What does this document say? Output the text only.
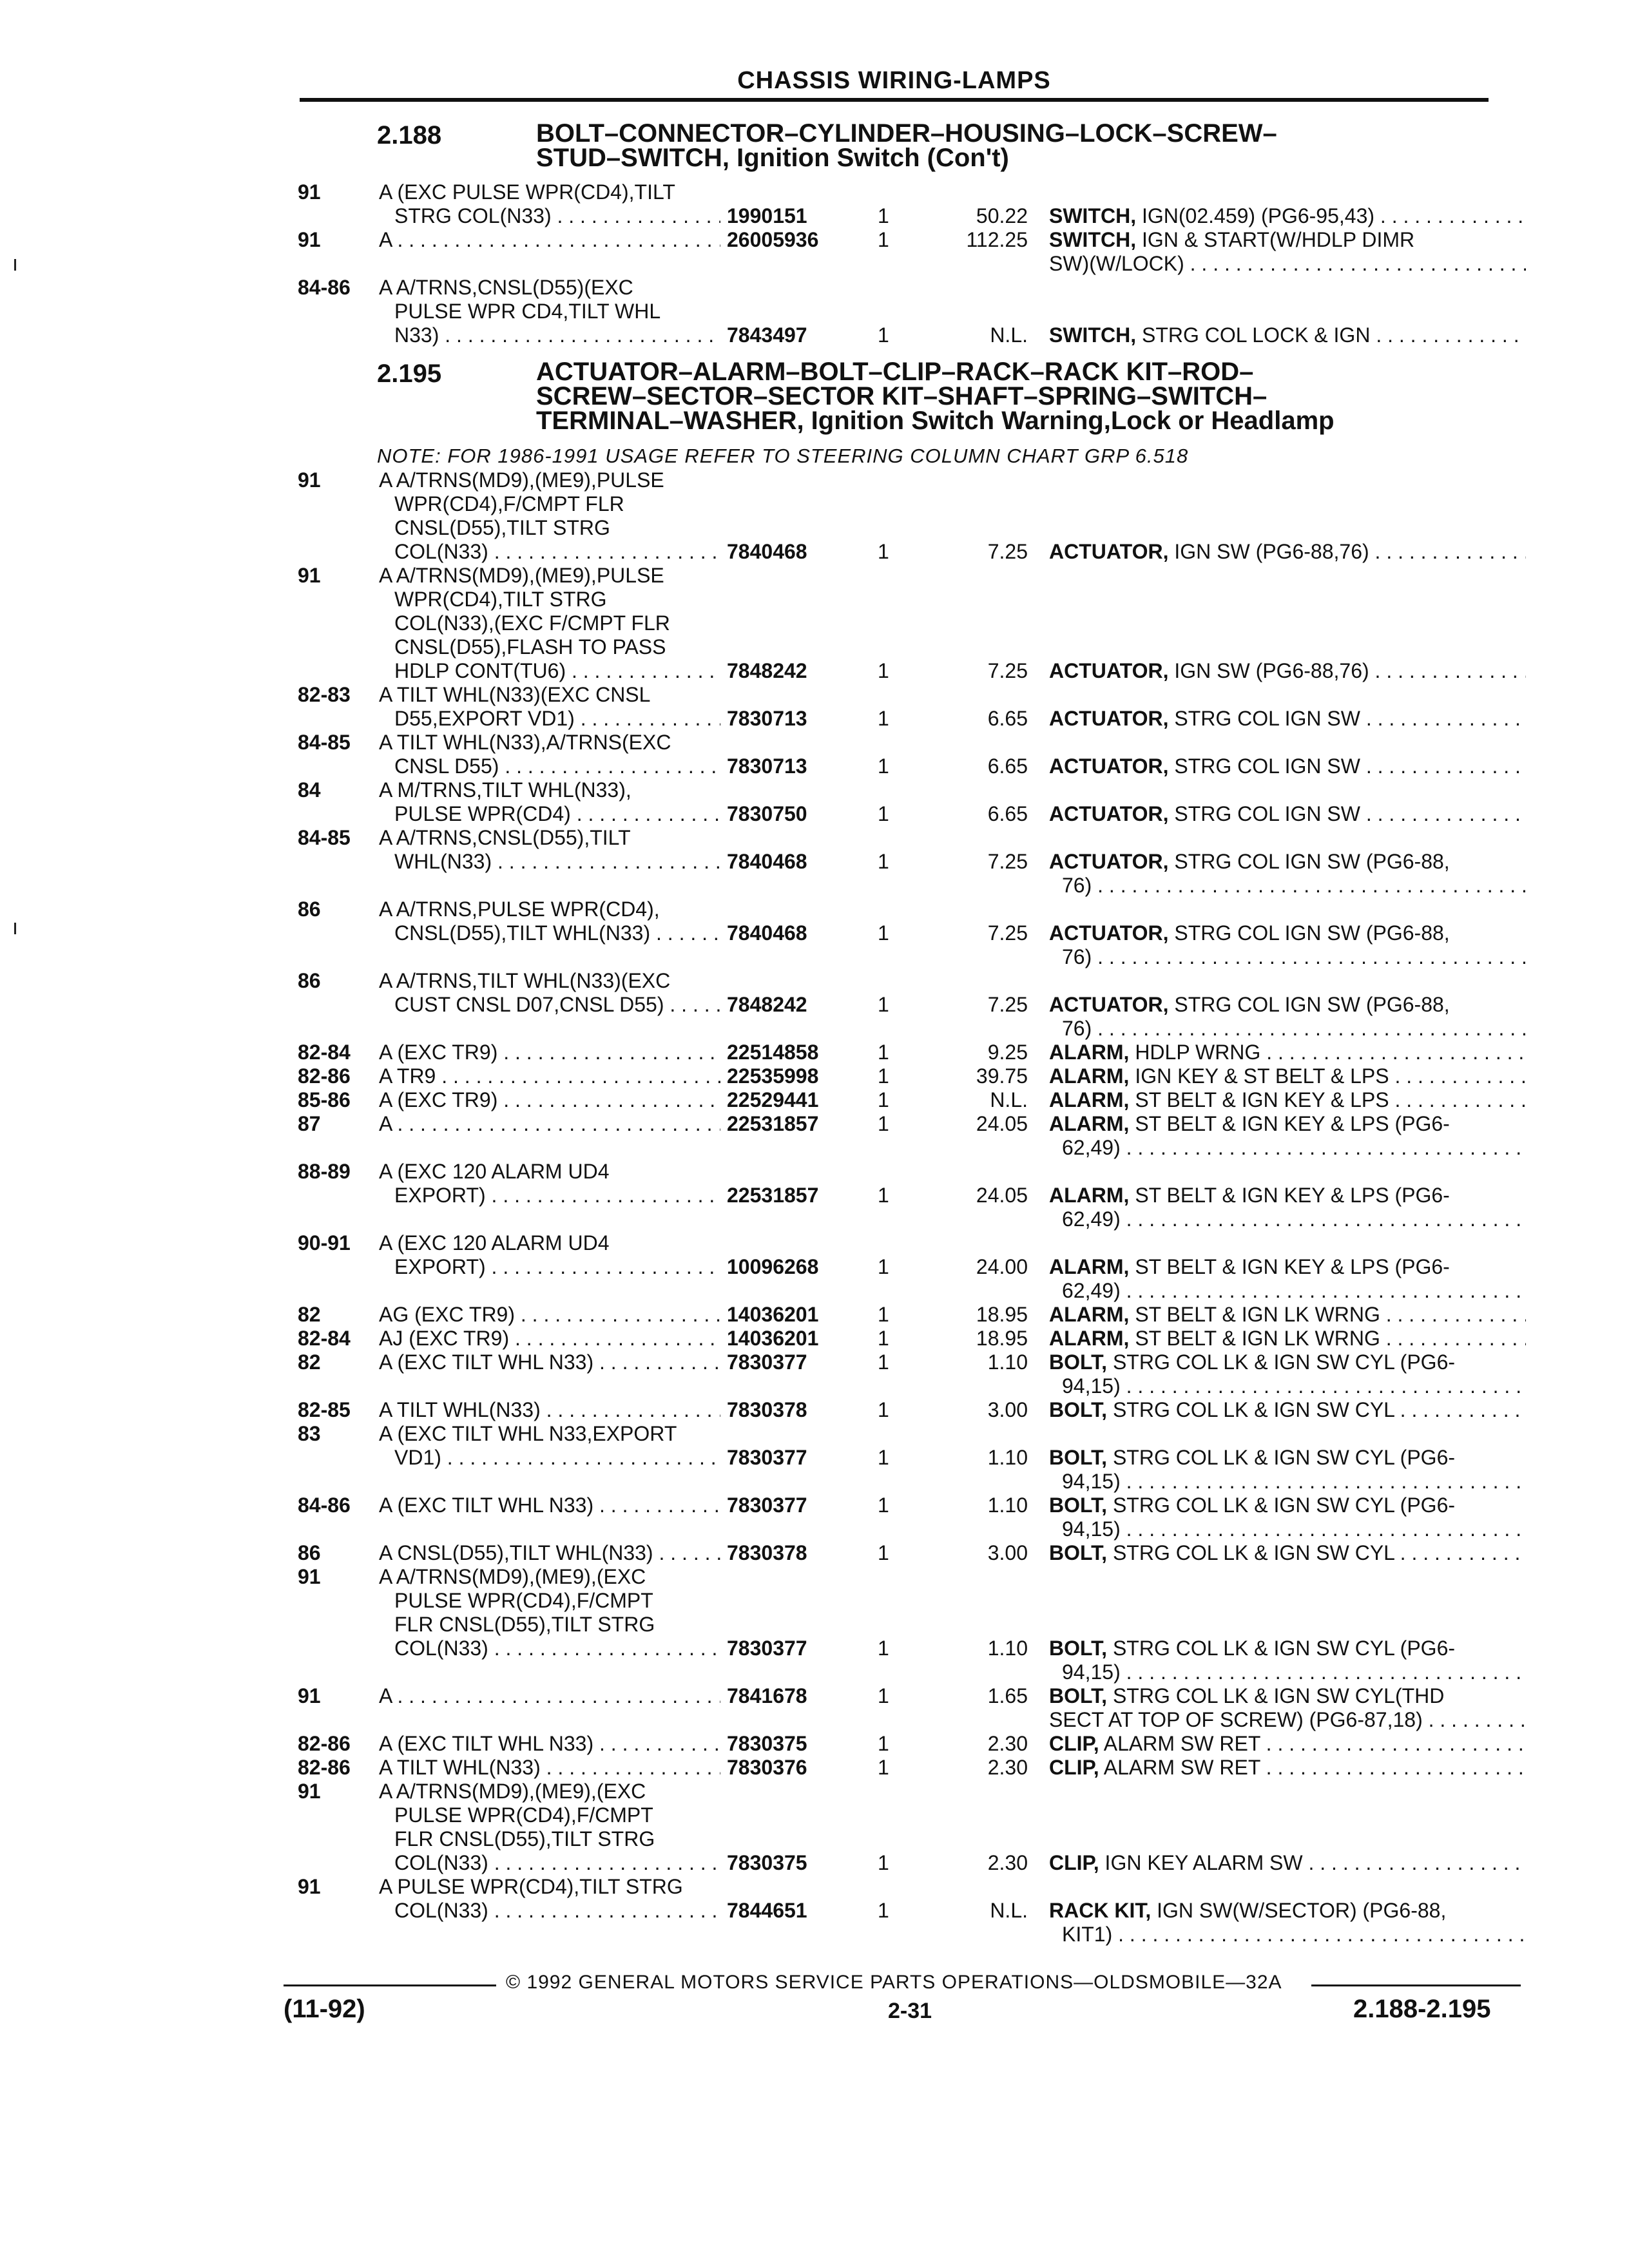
CHASSIS WIRING-LAMPS
2.188	BOLT–CONNECTOR–CYLINDER–HOUSING–LOCK–SCREW–
STUD–SWITCH, Ignition Switch (Con't)
91	A (EXC PULSE WPR(CD4),TILT
STRG COL(N33) . . .	1990151	1	50.22 SWITCH, IGN(02.459) (PG6-95,43) . . .
91	A . . .	26005936	1	112.25 SWITCH, IGN & START(W/HDLP DIMR
SW)(W/LOCK) . . .
84-86	A A/TRNS,CNSL(D55)(EXC
PULSE WPR CD4,TILT WHL
N33) . . .	7843497	1	N.L. SWITCH, STRG COL LOCK & IGN . . .
2.195	ACTUATOR–ALARM–BOLT–CLIP–RACK–RACK KIT–ROD–
SCREW–SECTOR–SECTOR KIT–SHAFT–SPRING–SWITCH–
TERMINAL–WASHER, Ignition Switch Warning,Lock or Headlamp
NOTE: FOR 1986-1991 USAGE REFER TO STEERING COLUMN CHART GRP 6.518
91	A A/TRNS(MD9),(ME9),PULSE
WPR(CD4),F/CMPT FLR
CNSL(D55),TILT STRG
COL(N33) . . .	7840468	1	7.25 ACTUATOR, IGN SW (PG6-88,76) . . .
91	A A/TRNS(MD9),(ME9),PULSE
WPR(CD4),TILT STRG
COL(N33),(EXC F/CMPT FLR
CNSL(D55),FLASH TO PASS
HDLP CONT(TU6) . . .	7848242	1	7.25 ACTUATOR, IGN SW (PG6-88,76) . . .
82-83	A TILT WHL(N33)(EXC CNSL
D55,EXPORT VD1) . . .	7830713	1	6.65 ACTUATOR, STRG COL IGN SW . . .
84-85	A TILT WHL(N33),A/TRNS(EXC
CNSL D55) . . .	7830713	1	6.65 ACTUATOR, STRG COL IGN SW . . .
84	A M/TRNS,TILT WHL(N33),
PULSE WPR(CD4) . . .	7830750	1	6.65 ACTUATOR, STRG COL IGN SW . . .
84-85	A A/TRNS,CNSL(D55),TILT
WHL(N33) . . .	7840468	1	7.25 ACTUATOR, STRG COL IGN SW (PG6-88,
76) . . .
86	A A/TRNS,PULSE WPR(CD4),
CNSL(D55),TILT WHL(N33) . . .	7840468	1	7.25 ACTUATOR, STRG COL IGN SW (PG6-88,
76) . . .
86	A A/TRNS,TILT WHL(N33)(EXC
CUST CNSL D07,CNSL D55) . . .	7848242	1	7.25 ACTUATOR, STRG COL IGN SW (PG6-88,
76) . . .
82-84	A (EXC TR9) . . .	22514858	1	9.25 ALARM, HDLP WRNG . . .
82-86	A TR9 . . .	22535998	1	39.75 ALARM, IGN KEY & ST BELT & LPS . . .
85-86	A (EXC TR9) . . .	22529441	1	N.L. ALARM, ST BELT & IGN KEY & LPS . . .
87	A . . .	22531857	1	24.05 ALARM, ST BELT & IGN KEY & LPS (PG6-
62,49) . . .
88-89	A (EXC 120 ALARM UD4
EXPORT) . . .	22531857	1	24.05 ALARM, ST BELT & IGN KEY & LPS (PG6-
62,49) . . .
90-91	A (EXC 120 ALARM UD4
EXPORT) . . .	10096268	1	24.00 ALARM, ST BELT & IGN KEY & LPS (PG6-
62,49) . . .
82	AG (EXC TR9) . . .	14036201	1	18.95 ALARM, ST BELT & IGN LK WRNG . . .
82-84	AJ (EXC TR9) . . .	14036201	1	18.95 ALARM, ST BELT & IGN LK WRNG . . .
82	A (EXC TILT WHL N33) . . .	7830377	1	1.10 BOLT, STRG COL LK & IGN SW CYL (PG6-
94,15) . . .
82-85	A TILT WHL(N33) . . .	7830378	1	3.00 BOLT, STRG COL LK & IGN SW CYL . . .
83	A (EXC TILT WHL N33,EXPORT
VD1) . . .	7830377	1	1.10 BOLT, STRG COL LK & IGN SW CYL (PG6-
94,15) . . .
84-86	A (EXC TILT WHL N33) . . .	7830377	1	1.10 BOLT, STRG COL LK & IGN SW CYL (PG6-
94,15) . . .
86	A CNSL(D55),TILT WHL(N33) . . .	7830378	1	3.00 BOLT, STRG COL LK & IGN SW CYL . . .
91	A A/TRNS(MD9),(ME9),(EXC
PULSE WPR(CD4),F/CMPT
FLR CNSL(D55),TILT STRG
COL(N33) . . .	7830377	1	1.10 BOLT, STRG COL LK & IGN SW CYL (PG6-
94,15) . . .
91	A . . .	7841678	1	1.65 BOLT, STRG COL LK & IGN SW CYL(THD
SECT AT TOP OF SCREW) (PG6-87,18) . . .
82-86	A (EXC TILT WHL N33) . . .	7830375	1	2.30 CLIP, ALARM SW RET . . .
82-86	A TILT WHL(N33) . . .	7830376	1	2.30 CLIP, ALARM SW RET . . .
91	A A/TRNS(MD9),(ME9),(EXC
PULSE WPR(CD4),F/CMPT
FLR CNSL(D55),TILT STRG
COL(N33) . . .	7830375	1	2.30 CLIP, IGN KEY ALARM SW . . .
91	A PULSE WPR(CD4),TILT STRG
COL(N33) . . .	7844651	1	N.L. RACK KIT, IGN SW(W/SECTOR) (PG6-88,
KIT1) . . .
© 1992 GENERAL MOTORS SERVICE PARTS OPERATIONS—OLDSMOBILE—32A
(11-92)	2-31	2.188-2.195
